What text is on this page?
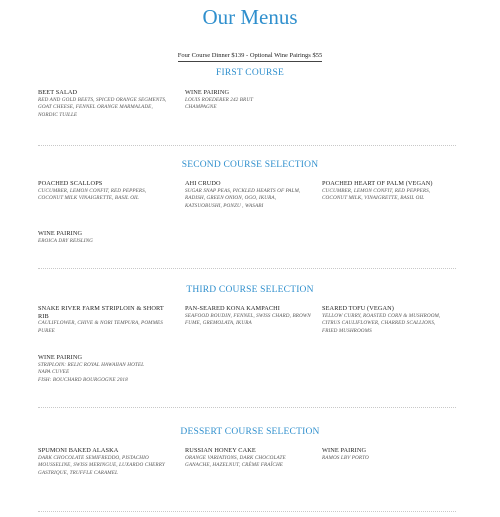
Our Menus
Four Course Dinner $139 - Optional Wine Pairings $55
FIRST COURSE
BEET SALAD
RED AND GOLD BEETS, SPICED ORANGE SEGMENTS, GOAT CHEESE, FENNEL ORANGE MARMALADE, NORDIC TUILLE
WINE PAIRING
LOUIS ROEDERER 242 BRUT CHAMPAGNE
SECOND COURSE SELECTION
POACHED SCALLOPS
CUCUMBER, LEMON CONFIT, RED PEPPERS, COCONUT MILK VINAIGRETTE, BASIL OIL
AHI CRUDO
SUGAR SNAP PEAS, PICKLED HEARTS OF PALM, RADISH, GREEN ONION, OGO, IKURA, KATSUOBUSHI, PONZU , WASABI
POACHED HEART OF PALM (VEGAN)
CUCUMBER, LEMON CONFIT, RED PEPPERS, COCONUT MILK, VINAIGRETTE, BASIL OIL
WINE PAIRING
EROICA DRY REISLING
THIRD COURSE SELECTION
SNAKE RIVER FARM STRIPLOIN & SHORT RIB
CAULIFLOWER, CHIVE & NORI TEMPURA, POMMES PUREE
PAN-SEARED KONA KAMPACHI
SEAFOOD BOUDIN, FENNEL, SWISS CHARD, BROWN FUME, GREMOLATA, IKURA
SEARED TOFU (VEGAN)
YELLOW CURRY, ROASTED CORN & MUSHROOM, CITRUS CAULIFLOWER, CHARRED SCALLIONS, FRIED MUSHROOMS
WINE PAIRING
STRIPLOIN: RELIC ROYAL HAWAIIAN HOTEL NAPA CUVEE
FISH: BOUCHARD BOURGOGNE 2018
DESSERT COURSE SELECTION
SPUMONI BAKED ALASKA
DARK CHOCOLATE SEMIFREDDO, PISTACHIO MOUSSELINE, SWISS MERINGUE, LUXARDO CHERRY GASTRIQUE, TRUFFLE CARAMEL
RUSSIAN HONEY CAKE
ORANGE VARIATIONS, DARK CHOCOLATE GANACHE, HAZELNUT, CRÈME FRAÎCHE
WINE PAIRING
RAMOS LBV PORTO
